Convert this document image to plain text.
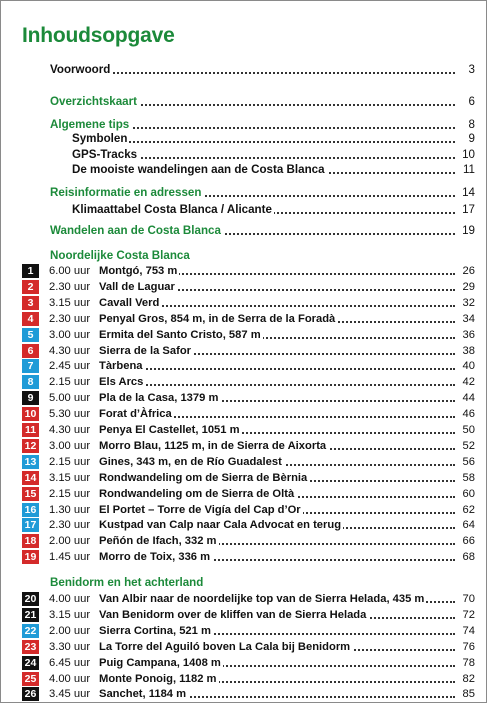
Inhoudsopgave
Voorwoord	3
Overzichtskaart	6
Algemene tips	8
Symbolen	9
GPS-Tracks	10
De mooiste wandelingen aan de Costa Blanca	11
Reisinformatie en adressen	14
Klimaattabel Costa Blanca / Alicante	17
Wandelen aan de Costa Blanca	19
Noordelijke Costa Blanca
1	6.00 uur Montgó, 753 m	26
2	2.30 uur Vall de Laguar	29
3	3.15 uur Cavall Verd	32
4	2.30 uur Penyal Gros, 854 m, in de Serra de la Foradà	34
5	3.00 uur Ermita del Santo Cristo, 587 m	36
6	4.30 uur Sierra de la Safor	38
7	2.45 uur Tàrbena	40
8	2.15 uur Els Arcs	42
9	5.00 uur Pla de la Casa, 1379 m	44
10 5.30 uur Forat d’Àfrica	46
11 4.30 uur Penya El Castellet, 1051 m	50
12 3.00 uur Morro Blau, 1125 m, in de Sierra de Aixorta	52
13 2.15 uur Gines, 343 m, en de Río Guadalest	56
14 3.15 uur Rondwandeling om de Sierra de Bèrnia	58
15 2.15 uur Rondwandeling om de Sierra de Oltà	60
16 1.30 uur El Portet – Torre de Vigía del Cap d’Or	62
17 2.30 uur Kustpad van Calp naar Cala Advocat en terug	64
18 2.00 uur Peñón de Ifach, 332 m	66
19 1.45 uur Morro de Toix, 336 m	68
Benidorm en het achterland
20 4.00 uur Van Albir naar de noordelijke top van de Sierra Helada, 435 m	70
21 3.15 uur Van Benidorm over de kliffen van de Sierra Helada	72
22 2.00 uur Sierra Cortina, 521 m	74
23 3.30 uur La Torre del Aguiló boven La Cala bij Benidorm	76
24 6.45 uur Puig Campana, 1408 m	78
25 4.00 uur Monte Ponoig, 1182 m	82
26 3.45 uur Sanchet, 1184 m	85
